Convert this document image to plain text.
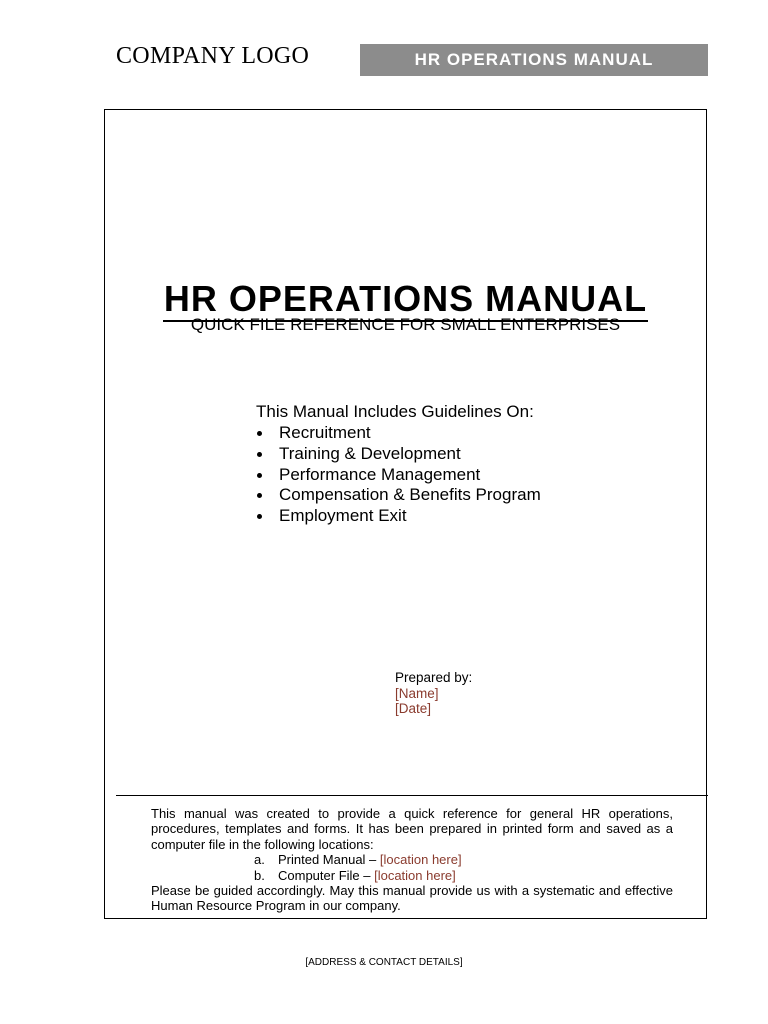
COMPANY LOGO	HR OPERATIONS MANUAL
HR OPERATIONS MANUAL
QUICK FILE REFERENCE FOR SMALL ENTERPRISES
This Manual Includes Guidelines On:
Recruitment
Training & Development
Performance Management
Compensation & Benefits Program
Employment Exit
Prepared by:
[Name]
[Date]

This manual was created to provide a quick reference for general HR operations, procedures, templates and forms. It has been prepared in printed form and saved as a computer file in the following locations:

a. Printed Manual – [location here]
b. Computer File – [location here]

Please be guided accordingly. May this manual provide us with a systematic and effective Human Resource Program in our company.

[ADDRESS & CONTACT DETAILS]
